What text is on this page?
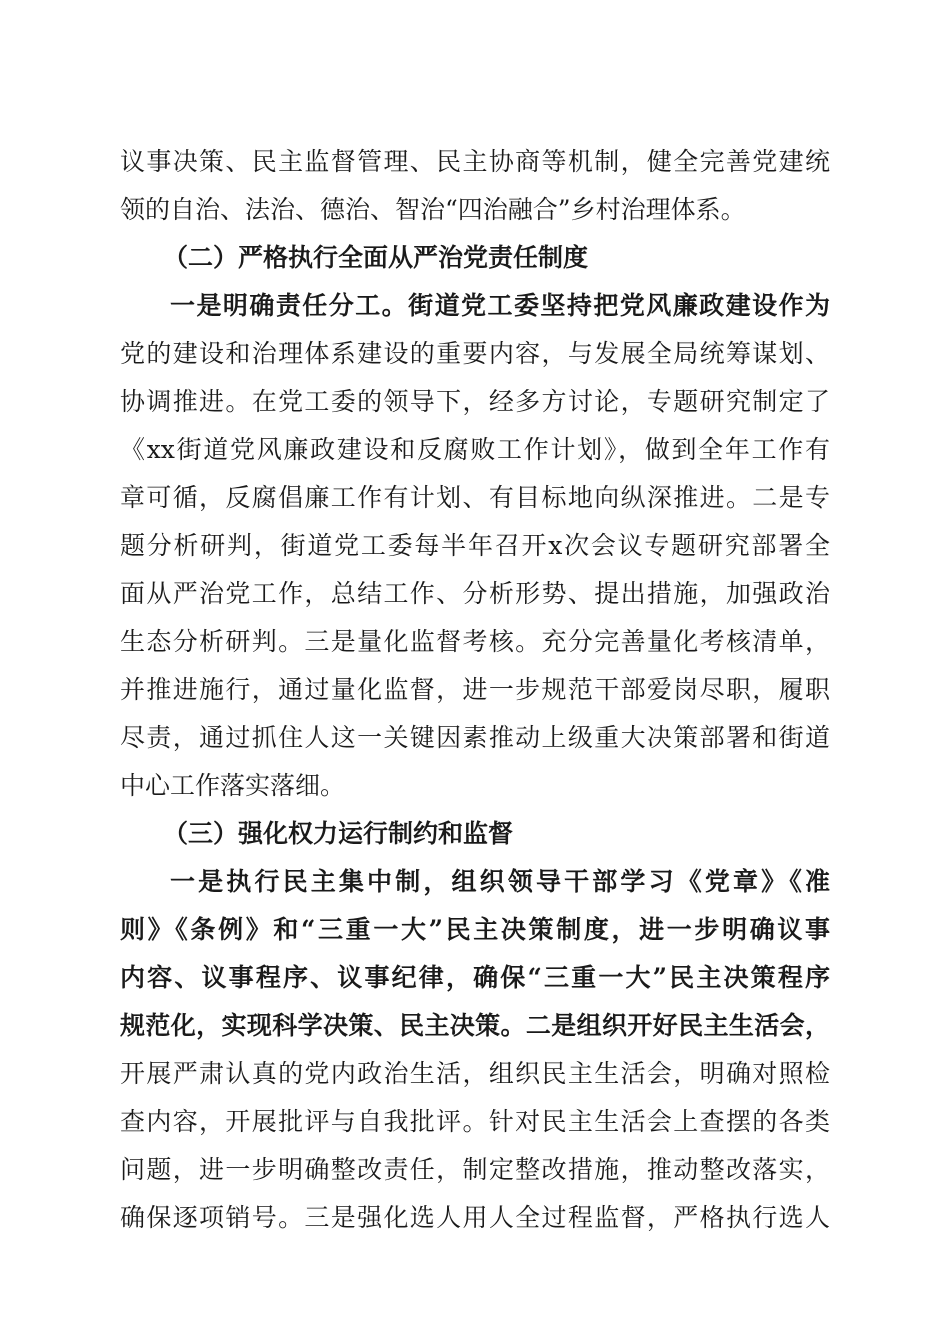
议事决策、民主监督管理、民主协商等机制，健全完善党建统
领的自治、法治、德治、智治“四治融合”乡村治理体系。
（二）严格执行全面从严治党责任制度
一是明确责任分工。街道党工委坚持把党风廉政建设作为
党的建设和治理体系建设的重要内容，与发展全局统筹谋划、
协调推进。在党工委的领导下，经多方讨论，专题研究制定了
《xx街道党风廉政建设和反腐败工作计划》，做到全年工作有
章可循，反腐倡廉工作有计划、有目标地向纵深推进。二是专
题分析研判，街道党工委每半年召开x次会议专题研究部署全
面从严治党工作，总结工作、分析形势、提出措施，加强政治
生态分析研判。三是量化监督考核。充分完善量化考核清单，
并推进施行，通过量化监督，进一步规范干部爱岗尽职，履职
尽责，通过抓住人这一关键因素推动上级重大决策部署和街道
中心工作落实落细。
（三）强化权力运行制约和监督
一是执行民主集中制，组织领导干部学习《党章》《准
则》《条例》和“三重一大”民主决策制度，进一步明确议事
内容、议事程序、议事纪律，确保“三重一大”民主决策程序
规范化，实现科学决策、民主决策。二是组织开好民主生活会，
开展严肃认真的党内政治生活，组织民主生活会，明确对照检
查内容，开展批评与自我批评。针对民主生活会上查摆的各类
问题，进一步明确整改责任，制定整改措施，推动整改落实，
确保逐项销号。三是强化选人用人全过程监督，严格执行选人
